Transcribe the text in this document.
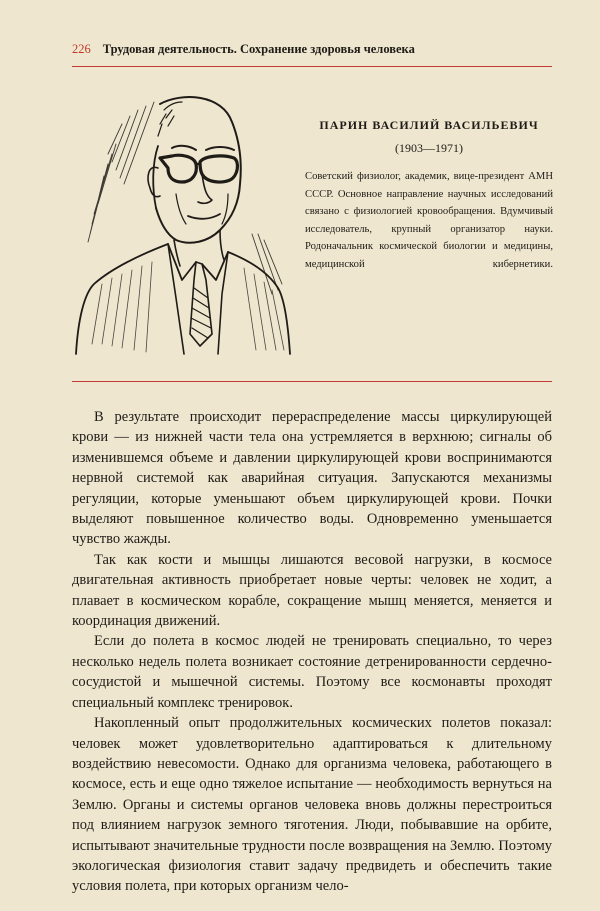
226 Трудовая деятельность. Сохранение здоровья человека
ПАРИН ВАСИЛИЙ ВАСИЛЬЕВИЧ
(1903—1971)
Советский физиолог, академик, вице-президент АМН СССР. Основное направление научных исследований связано с физиологией кровообращения. Вдумчивый исследователь, крупный организатор науки. Родоначальник космической биологии и медицины, медицинской кибернетики.

В результате происходит перераспределение массы циркулирующей крови — из нижней части тела она устремляется в верхнюю; сигналы об изменившемся объеме и давлении циркулирующей крови воспринимаются нервной системой как аварийная ситуация. Запускаются механизмы регуляции, которые уменьшают объем циркулирующей крови. Почки выделяют повышенное количество воды. Одновременно уменьшается чувство жажды.

Так как кости и мышцы лишаются весовой нагрузки, в космосе двигательная активность приобретает новые черты: человек не ходит, а плавает в космическом корабле, сокращение мышц меняется, меняется и координация движений.

Если до полета в космос людей не тренировать специально, то через несколько недель полета возникает состояние детренированности сердечно-сосудистой и мышечной системы. Поэтому все космонавты проходят специальный комплекс тренировок.

Накопленный опыт продолжительных космических полетов показал: человек может удовлетворительно адаптироваться к длительному воздействию невесомости. Однако для организма человека, работающего в космосе, есть и еще одно тяжелое испытание — необходимость вернуться на Землю. Органы и системы органов человека вновь должны перестроиться под влиянием нагрузок земного тяготения. Люди, побывавшие на орбите, испытывают значительные трудности после возвращения на Землю. Поэтому экологическая физиология ставит задачу предвидеть и обеспечить такие условия полета, при которых организм чело-
